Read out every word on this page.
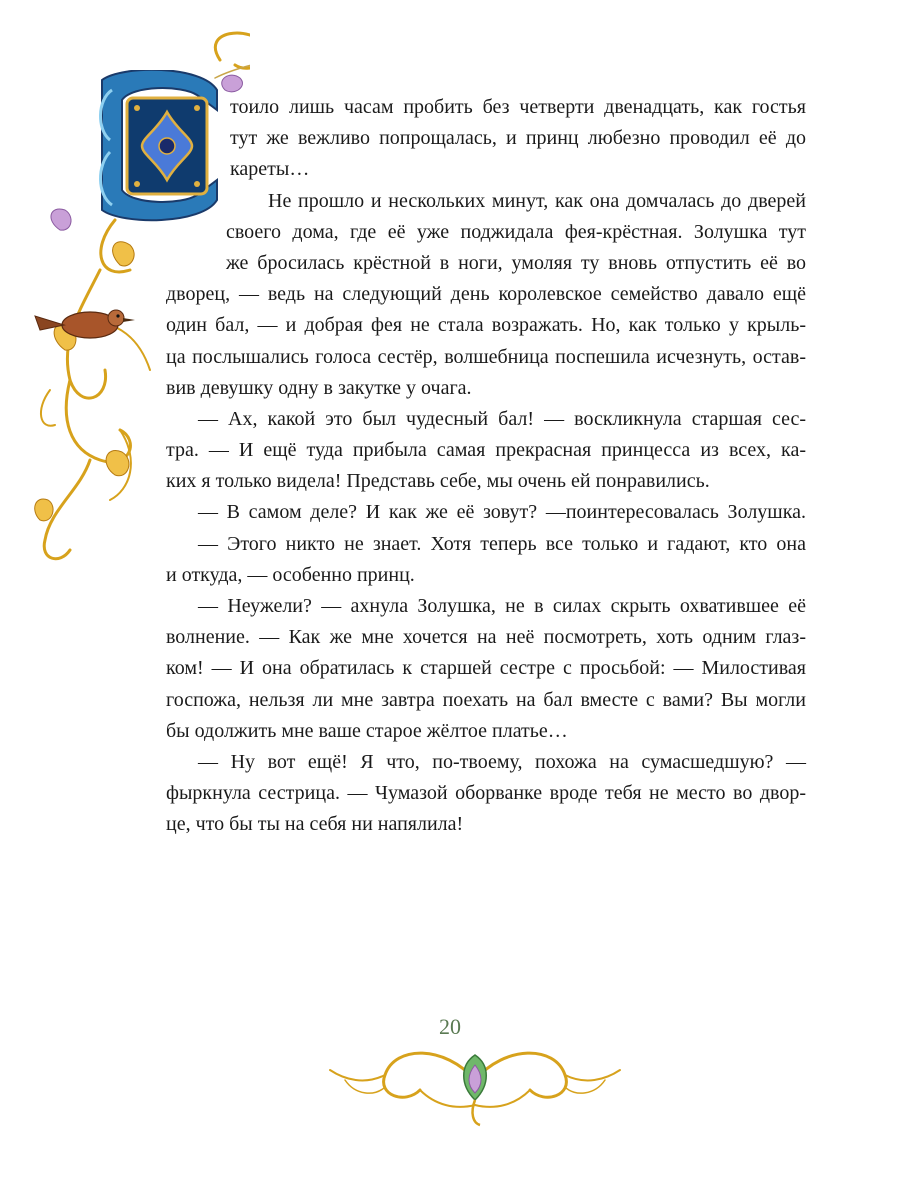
тоило лишь часам пробить без четверти двенадцать, как гостья
тут же вежливо попрощалась, и принц любезно проводил её до
кареты…
Не прошло и нескольких минут, как она домчалась до дверей
своего дома, где её уже поджидала фея-крёстная. Золушка тут
же бросилась крёстной в ноги, умоляя ту вновь отпустить её во
дворец, — ведь на следующий день королевское семейство давало ещё
один бал, — и добрая фея не стала возражать. Но, как только у крыль-
ца послышались голоса сестёр, волшебница поспешила исчезнуть, остав-
вив девушку одну в закутке у очага.
— Ах, какой это был чудесный бал! — воскликнула старшая сес-
тра. — И ещё туда прибыла самая прекрасная принцесса из всех, ка-
ких я только видела! Представь себе, мы очень ей понравились.
— В самом деле? И как же её зовут? —поинтересовалась Золушка.
— Этого никто не знает. Хотя теперь все только и гадают, кто она
и откуда, — особенно принц.
— Неужели? — ахнула Золушка, не в силах скрыть охватившее её
волнение. — Как же мне хочется на неё посмотреть, хоть одним глаз-
ком! — И она обратилась к старшей сестре с просьбой: — Милостивая
госпожа, нельзя ли мне завтра поехать на бал вместе с вами? Вы могли
бы одолжить мне ваше старое жёлтое платье…
— Ну вот ещё! Я что, по-твоему, похожа на сумасшедшую? —
фыркнула сестрица. — Чумазой оборванке вроде тебя не место во двор-
це, что бы ты на себя ни напялила!
20
